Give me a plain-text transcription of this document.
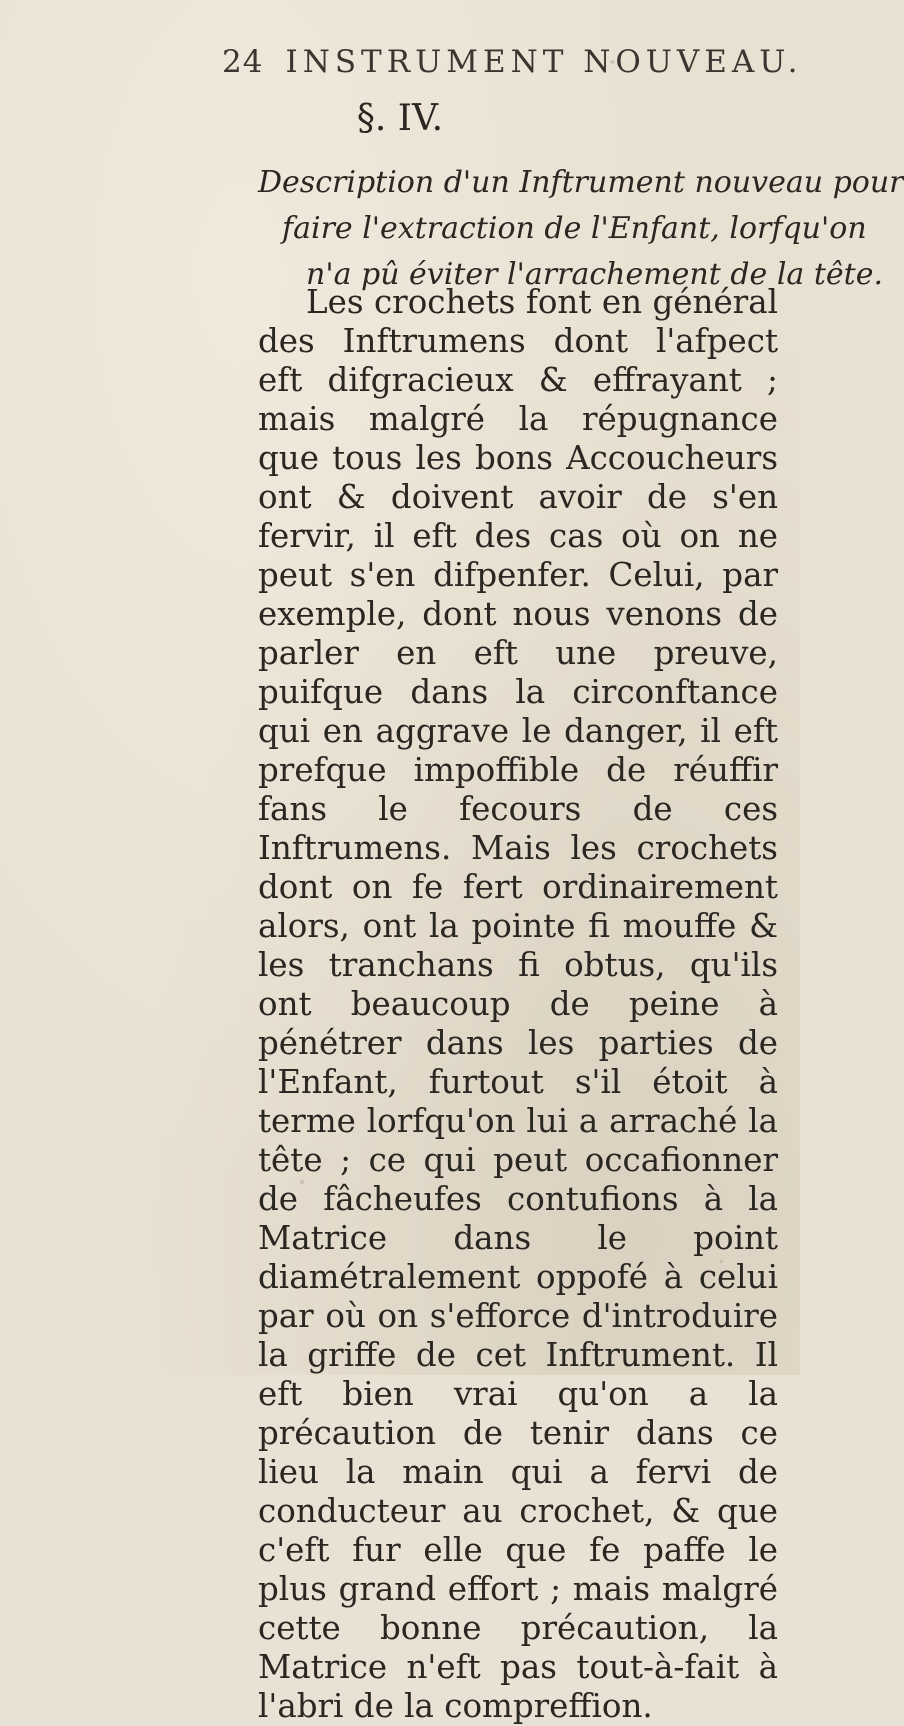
24 INSTRUMENT NOUVEAU.
§. IV.
Description d'un Inftrument nouveau pour
faire l'extraction de l'Enfant, lorfqu'on
n'a pû éviter l'arrachement de la tête.
Les crochets font en général des Inftrumens dont l'afpect eft difgracieux & effrayant ; mais malgré la répugnance que tous les bons Accoucheurs ont & doivent avoir de s'en fervir, il eft des cas où on ne peut s'en difpenfer. Celui, par exemple, dont nous venons de parler en eft une preuve, puifque dans la circonftance qui en aggrave le danger, il eft prefque impoffible de réuffir fans le fecours de ces Inftrumens. Mais les crochets dont on fe fert ordinairement alors, ont la pointe fi mouffe & les tranchans fi obtus, qu'ils ont beaucoup de peine à pénétrer dans les parties de l'Enfant, furtout s'il étoit à terme lorfqu'on lui a arraché la tête ; ce qui peut occafionner de fâcheufes contufions à la Matrice dans le point diamétralement oppofé à celui par où on s'efforce d'introduire la griffe de cet Inftrument. Il eft bien vrai qu'on a la précaution de tenir dans ce lieu la main qui a fervi de conducteur au crochet, & que c'eft fur elle que fe paffe le plus grand effort ; mais malgré cette bonne précaution, la Matrice n'eft pas tout-à-fait à l'abri de la compreffion.
